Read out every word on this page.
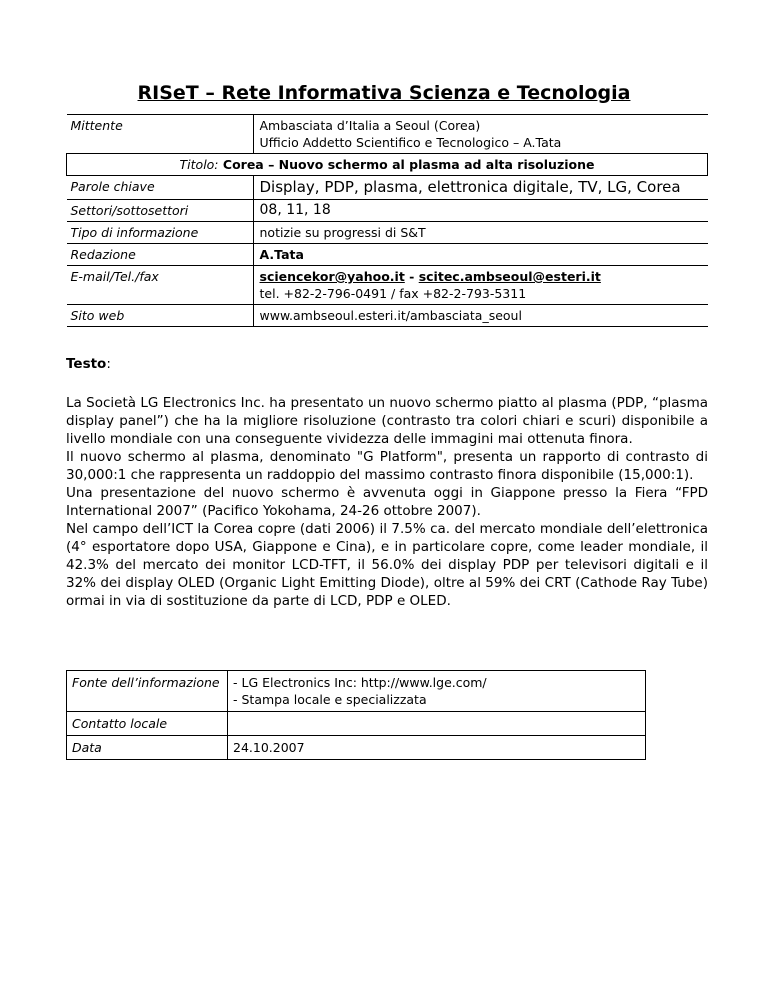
RISeT – Rete Informativa Scienza e Tecnologia
Mittente	Ambasciata d’Italia a Seoul (Corea)
Ufficio Addetto Scientifico e Tecnologico – A.Tata

Titolo: Corea – Nuovo schermo al plasma ad alta risoluzione	
Parole chiave	Display, PDP, plasma, elettronica digitale, TV, LG, Corea
Settori/sottosettori	08, 11, 18
Tipo di informazione	notizie su progressi di S&T
Redazione	A.Tata
E-mail/Tel./fax	sciencekor@yahoo.it - scitec.ambseoul@esteri.it
tel. +82-2-796-0491 / fax +82-2-793-5311

Sito web	www.ambseoul.esteri.it/ambasciata_seoul
Testo:

La Società LG Electronics Inc. ha presentato un nuovo schermo piatto al plasma (PDP, “plasma display panel”) che ha la migliore risoluzione (contrasto tra colori chiari e scuri) disponibile a livello mondiale con una conseguente vividezza delle immagini mai ottenuta finora.

Il nuovo schermo al plasma, denominato "G Platform", presenta un rapporto di contrasto di 30,000:1 che rappresenta un raddoppio del massimo contrasto finora disponibile (15,000:1).

Una presentazione del nuovo schermo è avvenuta oggi in Giappone presso la Fiera “FPD International 2007” (Pacifico Yokohama, 24-26 ottobre 2007).

Nel campo dell’ICT la Corea copre (dati 2006) il 7.5% ca. del mercato mondiale dell’elettronica (4° esportatore dopo USA, Giappone e Cina), e in particolare copre, come leader mondiale, il 42.3% del mercato dei monitor LCD-TFT, il 56.0% dei display PDP per televisori digitali e il 32% dei display OLED (Organic Light Emitting Diode), oltre al 59% dei CRT (Cathode Ray Tube) ormai in via di sostituzione da parte di LCD, PDP e OLED.

Fonte dell’informazione	- LG Electronics Inc: http://www.lge.com/
- Stampa locale e specializzata

Contatto locale	
Data	24.10.2007
